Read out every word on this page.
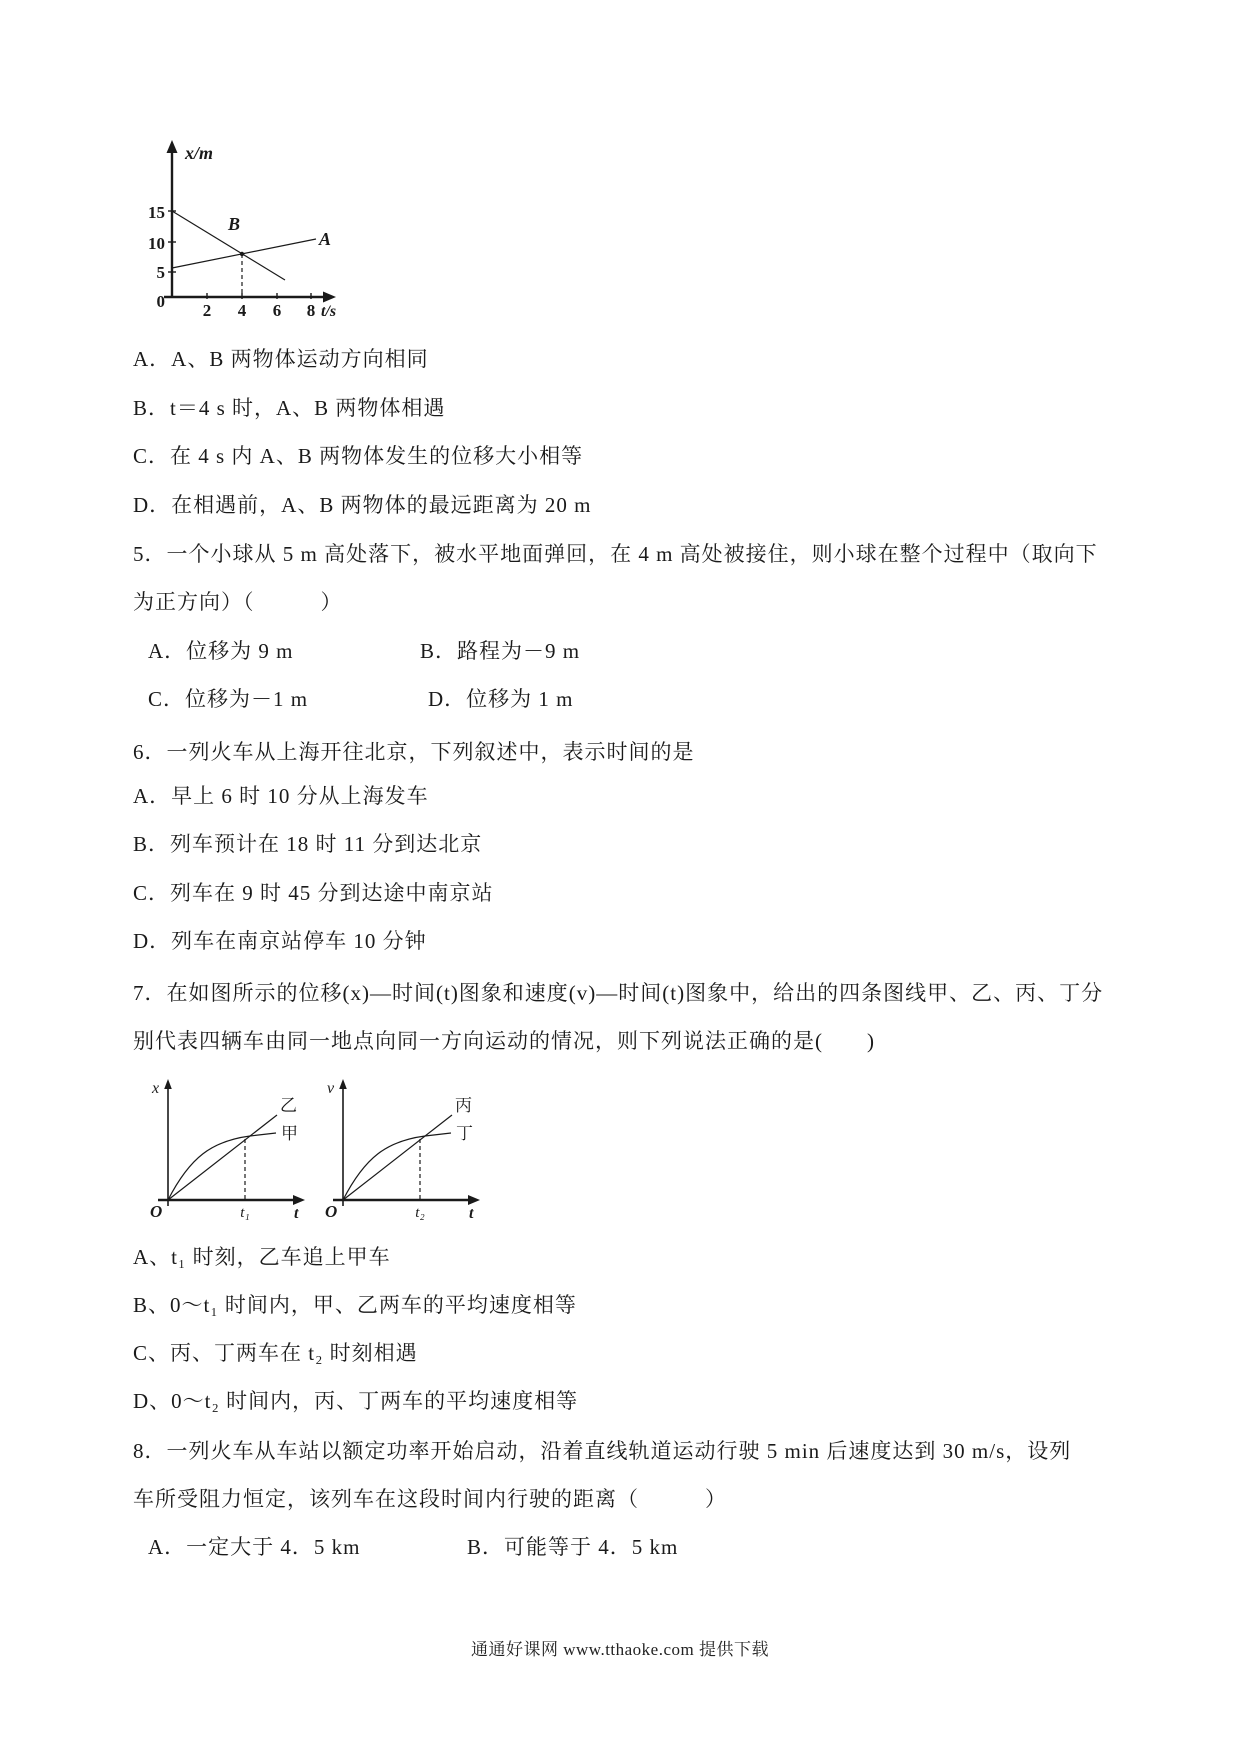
x/m
t/s
15
10
5
0 2 4 6 8
B
A
A．A、B 两物体运动方向相同
B．t＝4 s 时，A、B 两物体相遇
C．在 4 s 内 A、B 两物体发生的位移大小相等
D．在相遇前，A、B 两物体的最远距离为 20 m
5．一个小球从 5 m 高处落下，被水平地面弹回，在 4 m 高处被接住，则小球在整个过程中（取向下
为正方向）（　　　）
A．位移为 9 m	B．路程为－9 m
C．位移为－1 m	D．位移为 1 m
6．一列火车从上海开往北京，下列叙述中，表示时间的是
A．早上 6 时 10 分从上海发车
B．列车预计在 18 时 11 分到达北京
C．列车在 9 时 45 分到达途中南京站
D．列车在南京站停车 10 分钟
7．在如图所示的位移(x)—时间(t)图象和速度(v)—时间(t)图象中，给出的四条图线甲、乙、丙、丁分
别代表四辆车由同一地点向同一方向运动的情况，则下列说法正确的是(　　)
x
t
O
乙
甲
t₁
v
t
O
丙
丁
t₂
A、t₁ 时刻，乙车追上甲车
B、0～t₁ 时间内，甲、乙两车的平均速度相等
C、丙、丁两车在 t₂ 时刻相遇
D、0～t₂ 时间内，丙、丁两车的平均速度相等
8．一列火车从车站以额定功率开始启动，沿着直线轨道运动行驶 5 min 后速度达到 30 m/s，设列
车所受阻力恒定，该列车在这段时间内行驶的距离（　　　）
A．一定大于 4．5 km	B．可能等于 4．5 km
通通好课网 www.tthaoke.com 提供下载
